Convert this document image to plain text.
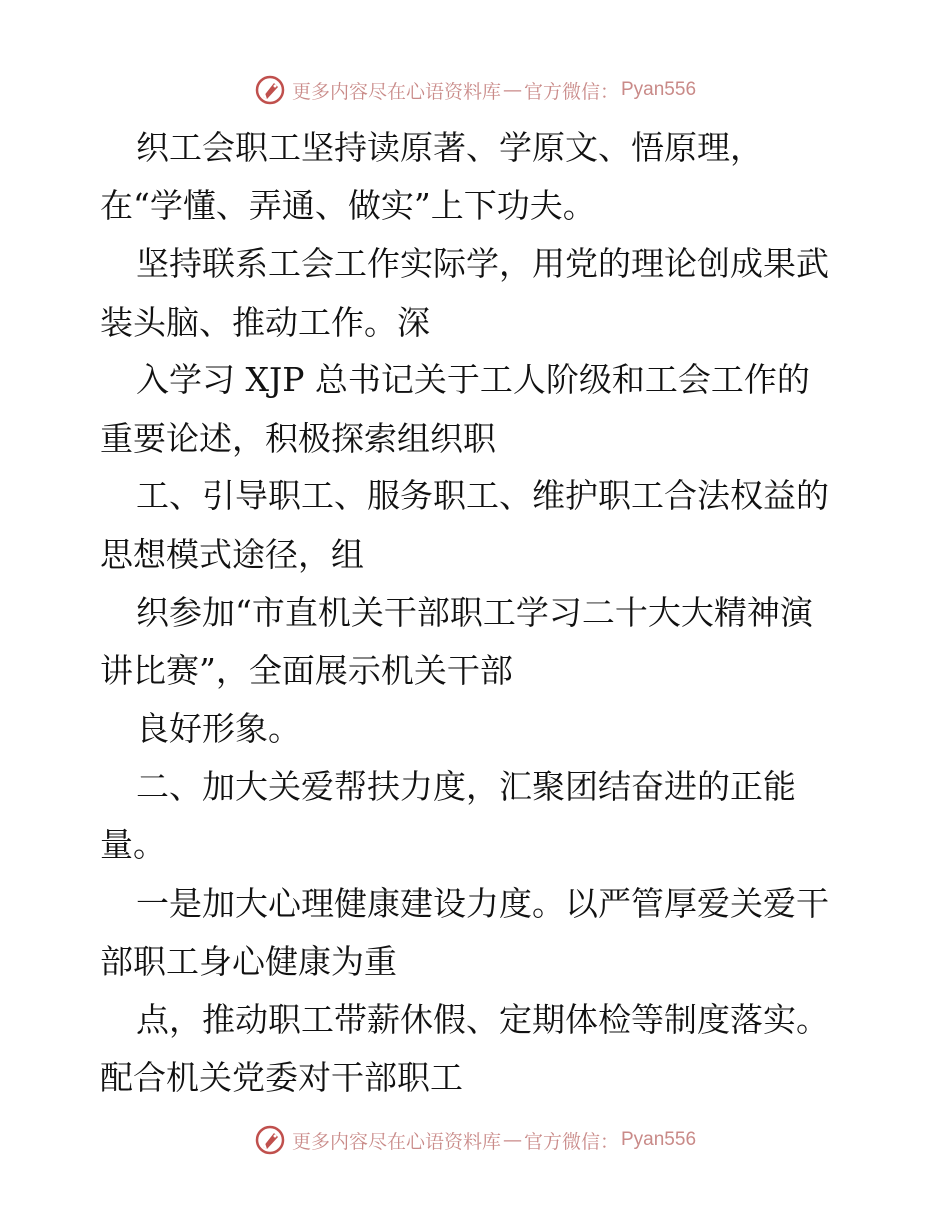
更多内容尽在心语资料库 — 官方微信： Pyan556
织工会职工坚持读原著、学原文、悟原理，
在“学懂、弄通、做实”上下功夫。
坚持联系工会工作实际学，用党的理论创成果武
装头脑、推动工作。深
入学习 XJP 总书记关于工人阶级和工会工作的
重要论述，积极探索组织职
工、引导职工、服务职工、维护职工合法权益的
思想模式途径，组
织参加“市直机关干部职工学习二十大大精神演
讲比赛”，全面展示机关干部
良好形象。
二、加大关爱帮扶力度，汇聚团结奋进的正能
量。
一是加大心理健康建设力度。以严管厚爱关爱干
部职工身心健康为重
点，推动职工带薪休假、定期体检等制度落实。
配合机关党委对干部职工
更多内容尽在心语资料库 — 官方微信： Pyan556
